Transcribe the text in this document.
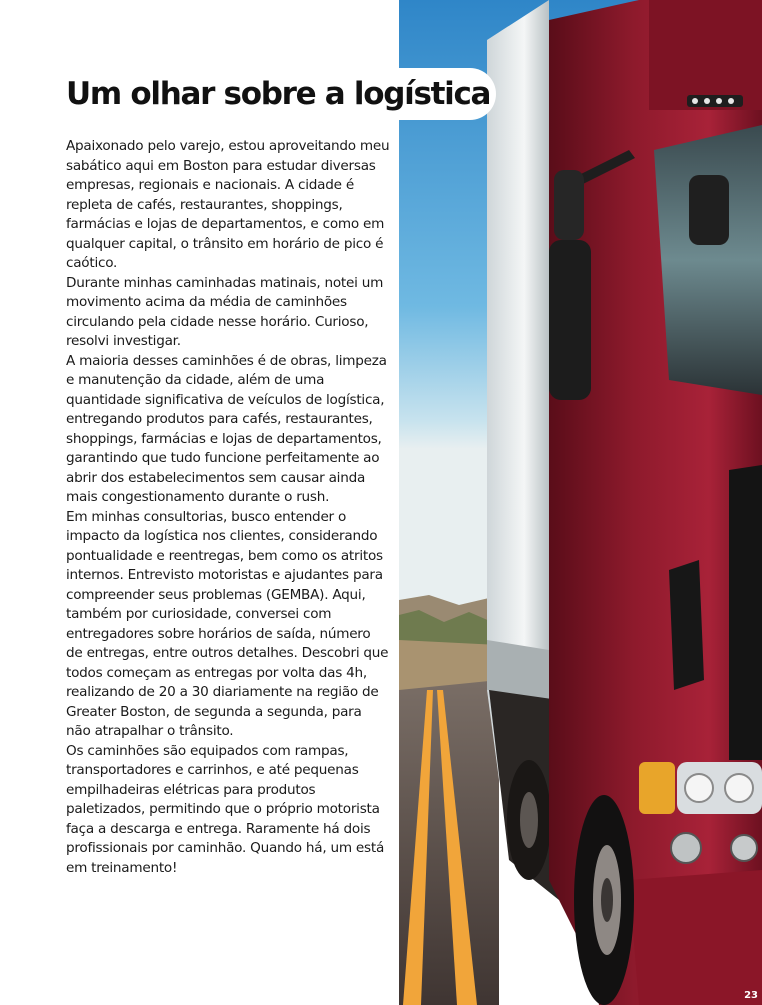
Um olhar sobre a logística

Apaixonado pelo varejo, estou aproveitando meu sabático aqui em Boston para estudar diversas empresas, regionais e nacionais. A cidade é repleta de cafés, restaurantes, shoppings, farmácias e lojas de departamentos, e como em qualquer capital, o trânsito em horário de pico é caótico.

Durante minhas caminhadas matinais, notei um movimento acima da média de caminhões circulando pela cidade nesse horário. Curioso, resolvi investigar.

A maioria desses caminhões é de obras, limpeza e manutenção da cidade, além de uma quantidade significativa de veículos de logística, entregando produtos para cafés, restaurantes, shoppings, farmácias e lojas de departamentos, garantindo que tudo funcione perfeitamente ao abrir dos estabelecimentos sem causar ainda mais congestionamento durante o rush.

Em minhas consultorias, busco entender o impacto da logística nos clientes, considerando pontualidade e reentregas, bem como os atritos internos. Entrevisto motoristas e ajudantes para compreender seus problemas (GEMBA). Aqui, também por curiosidade, conversei com entregadores sobre horários de saída, número de entregas, entre outros detalhes. Descobri que todos começam as entregas por volta das 4h, realizando de 20 a 30 diariamente na região de Greater Boston, de segunda a segunda, para não atrapalhar o trânsito.

Os caminhões são equipados com rampas, transportadores e carrinhos, e até pequenas empilhadeiras elétricas para produtos paletizados, permitindo que o próprio motorista faça a descarga e entrega. Raramente há dois profissionais por caminhão. Quando há, um está em treinamento!

23
